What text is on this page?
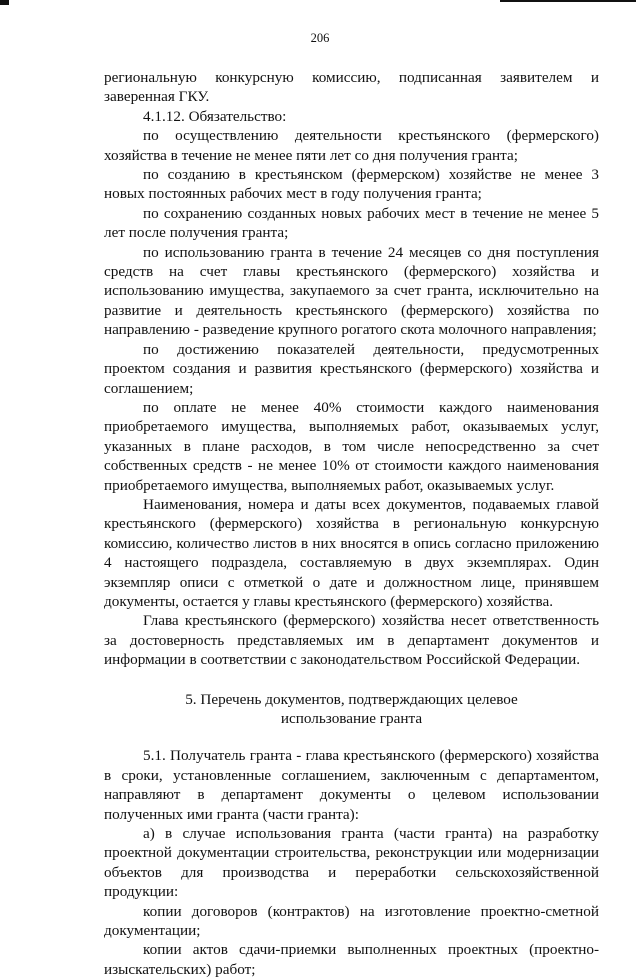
206

региональную конкурсную комиссию, подписанная заявителем и заверенная ГКУ.

4.1.12. Обязательство:

по осуществлению деятельности крестьянского (фермерского) хозяйства в течение не менее пяти лет со дня получения гранта;

по созданию в крестьянском (фермерском) хозяйстве не менее 3 новых постоянных рабочих мест в году получения гранта;

по сохранению созданных новых рабочих мест в течение не менее 5 лет после получения гранта;

по использованию гранта в течение 24 месяцев со дня поступления средств на счет главы крестьянского (фермерского) хозяйства и использованию имущества, закупаемого за счет гранта, исключительно на развитие и деятельность крестьянского (фермерского) хозяйства по направлению - разведение крупного рогатого скота молочного направления;

по достижению показателей деятельности, предусмотренных проектом создания и развития крестьянского (фермерского) хозяйства и соглашением;

по оплате не менее 40% стоимости каждого наименования приобретаемого имущества, выполняемых работ, оказываемых услуг, указанных в плане расходов, в том числе непосредственно за счет собственных средств - не менее 10% от стоимости каждого наименования приобретаемого имущества, выполняемых работ, оказываемых услуг.

Наименования, номера и даты всех документов, подаваемых главой крестьянского (фермерского) хозяйства в региональную конкурсную комиссию, количество листов в них вносятся в опись согласно приложению 4 настоящего подраздела, составляемую в двух экземплярах. Один экземпляр описи с отметкой о дате и должностном лице, принявшем документы, остается у главы крестьянского (фермерского) хозяйства.

Глава крестьянского (фермерского) хозяйства несет ответственность за достоверность представляемых им в департамент документов и информации в соответствии с законодательством Российской Федерации.

5. Перечень документов, подтверждающих целевое
использование гранта

5.1. Получатель гранта - глава крестьянского (фермерского) хозяйства в сроки, установленные соглашением, заключенным с департаментом, направляют в департамент документы о целевом использовании полученных ими гранта (части гранта):

а) в случае использования гранта (части гранта) на разработку проектной документации строительства, реконструкции или модернизации объектов для производства и переработки сельскохозяйственной продукции:

копии договоров (контрактов) на изготовление проектно-сметной документации;

копии актов сдачи-приемки выполненных проектных (проектно-изыскательских) работ;
